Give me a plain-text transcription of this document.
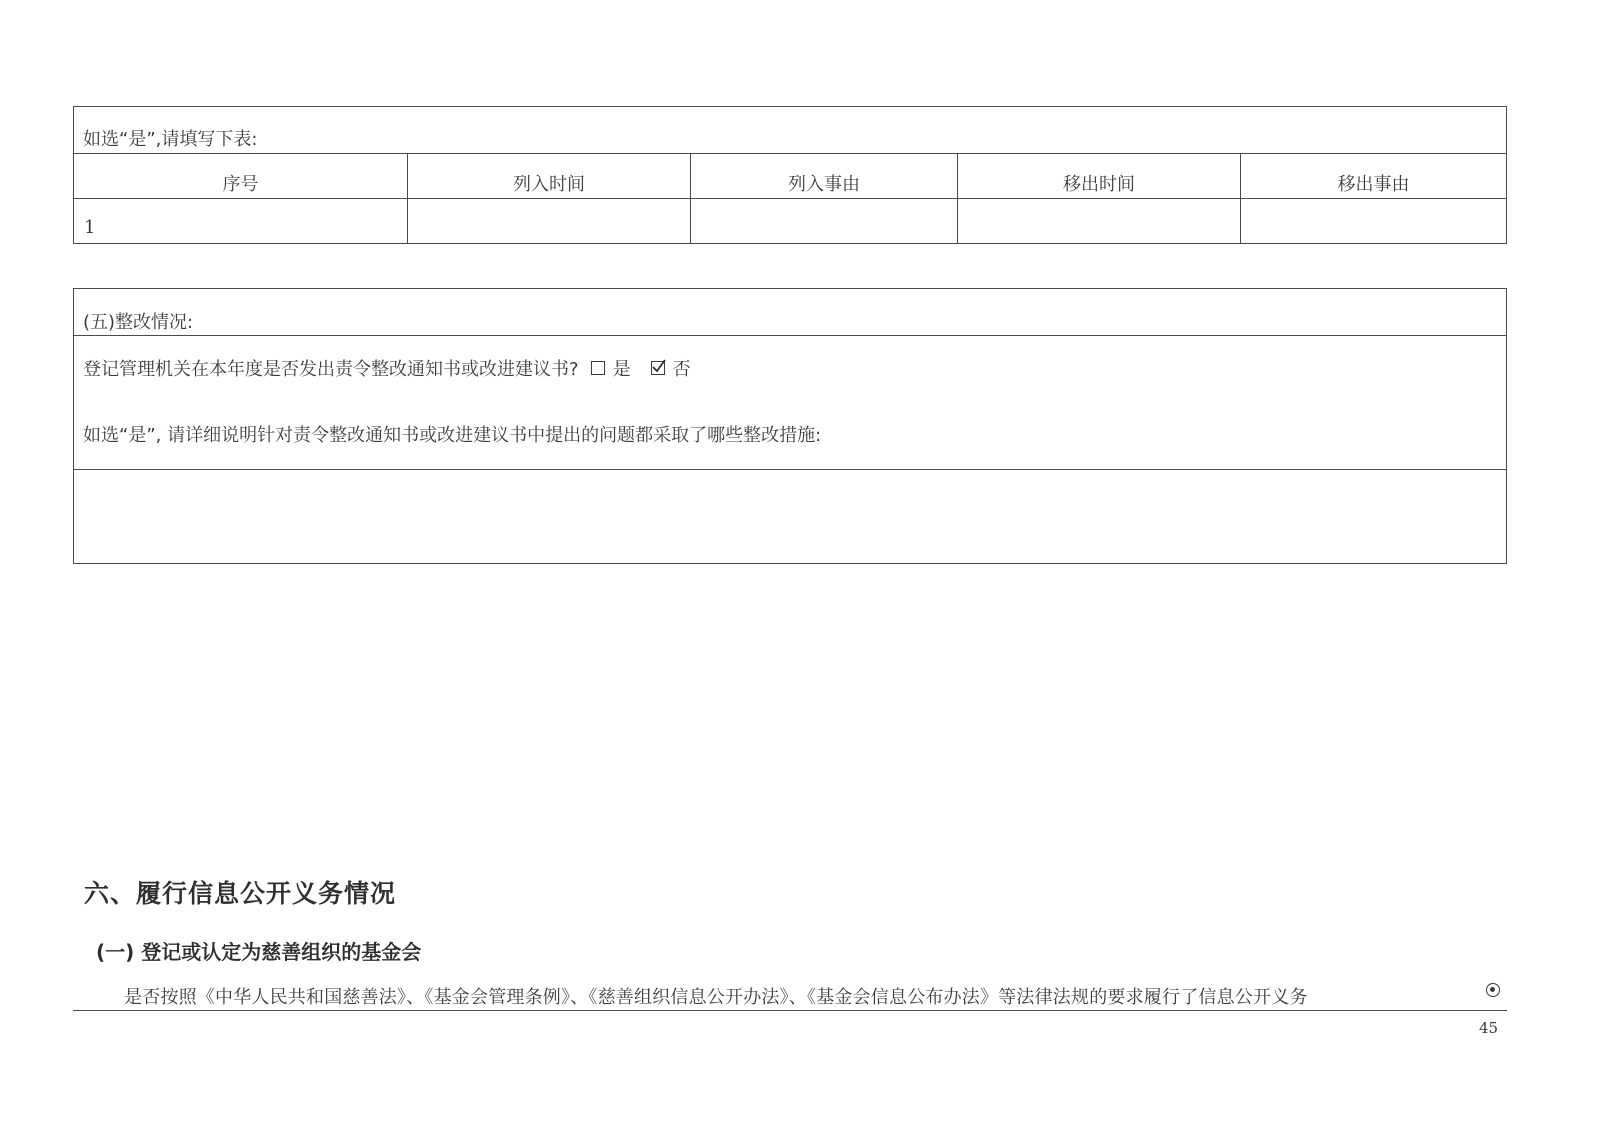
如选“是”,请填写下表:
序号	列入时间	列入事由	移出时间	移出事由
1
(五)整改情况:
登记管理机关在本年度是否发出责令整改通知书或改进建议书? 是 否
如选“是”, 请详细说明针对责令整改通知书或改进建议书中提出的问题都采取了哪些整改措施:
六、履行信息公开义务情况
(一) 登记或认定为慈善组织的基金会
是否按照《中华人民共和国慈善法》、《基金会管理条例》、《慈善组织信息公开办法》、《基金会信息公布办法》等法律法规的要求履行了信息公开义务
45
